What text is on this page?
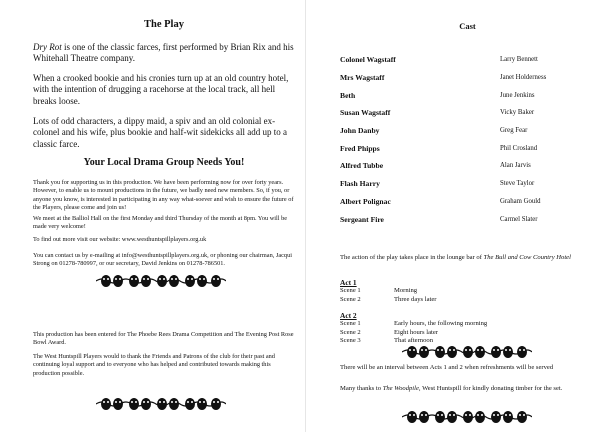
The Play

Dry Rot is one of the classic farces, first performed by Brian Rix and his Whitehall Theatre company.

When a crooked bookie and his cronies turn up at an old country hotel, with the intention of drugging a racehorse at the local track, all hell breaks loose.

Lots of odd characters, a dippy maid, a spiv and an old colonial ex-colonel and his wife, plus bookie and half-wit sidekicks all add up to a classic farce.

Your Local Drama Group Needs You!

Thank you for supporting us in this production. We have been performing now for over forty years. However, to enable us to mount productions in the future, we badly need new members. So, if you, or anyone you know, is interested in participating in any way what-soever and wish to ensure the future of the Players, please come and join us!

We meet at the Balliol Hall on the first Monday and third Thursday of the month at 8pm. You will be made very welcome!

To find out more visit our website: www.westhuntspillplayers.org.uk

You can contact us by e-mailing at info@westhuntspillplayers.org.uk, or phoning our chairman, Jacqui Strong on 01278-780997, or our secretary, David Jenkins on 01278-786501.

This production has been entered for The Phoebe Rees Drama Competition and The Evening Post Rose Bowl Award.

The West Huntspill Players would to thank the Friends and Patrons of the club for their past and continuing loyal support and to everyone who has helped and contributed towards making this production possible.

Cast
Colonel Wagstaff	Larry Bennett
Mrs Wagstaff	Janet Holderness
Beth	June Jenkins
Susan Wagstaff	Vicky Baker
John Danby	Greg Fear
Fred Phipps	Phil Crosland
Alfred Tubbe	Alan Jarvis
Flash Harry	Steve Taylor
Albert Polignac	Graham Gould
Sergeant Fire	Carmel Slater

The action of the play takes place in the lounge bar of The Bull and Cow Country Hotel

Act 1
Scene 1	Morning
Scene 2	Three days later
Act 2
Scene 1	Early hours, the following morning
Scene 2	Eight hours later
Scene 3	That afternoon

There will be an interval between Acts 1 and 2 when refreshments will be served

Many thanks to The Woodpile, West Huntspill for kindly donating timber for the set.
